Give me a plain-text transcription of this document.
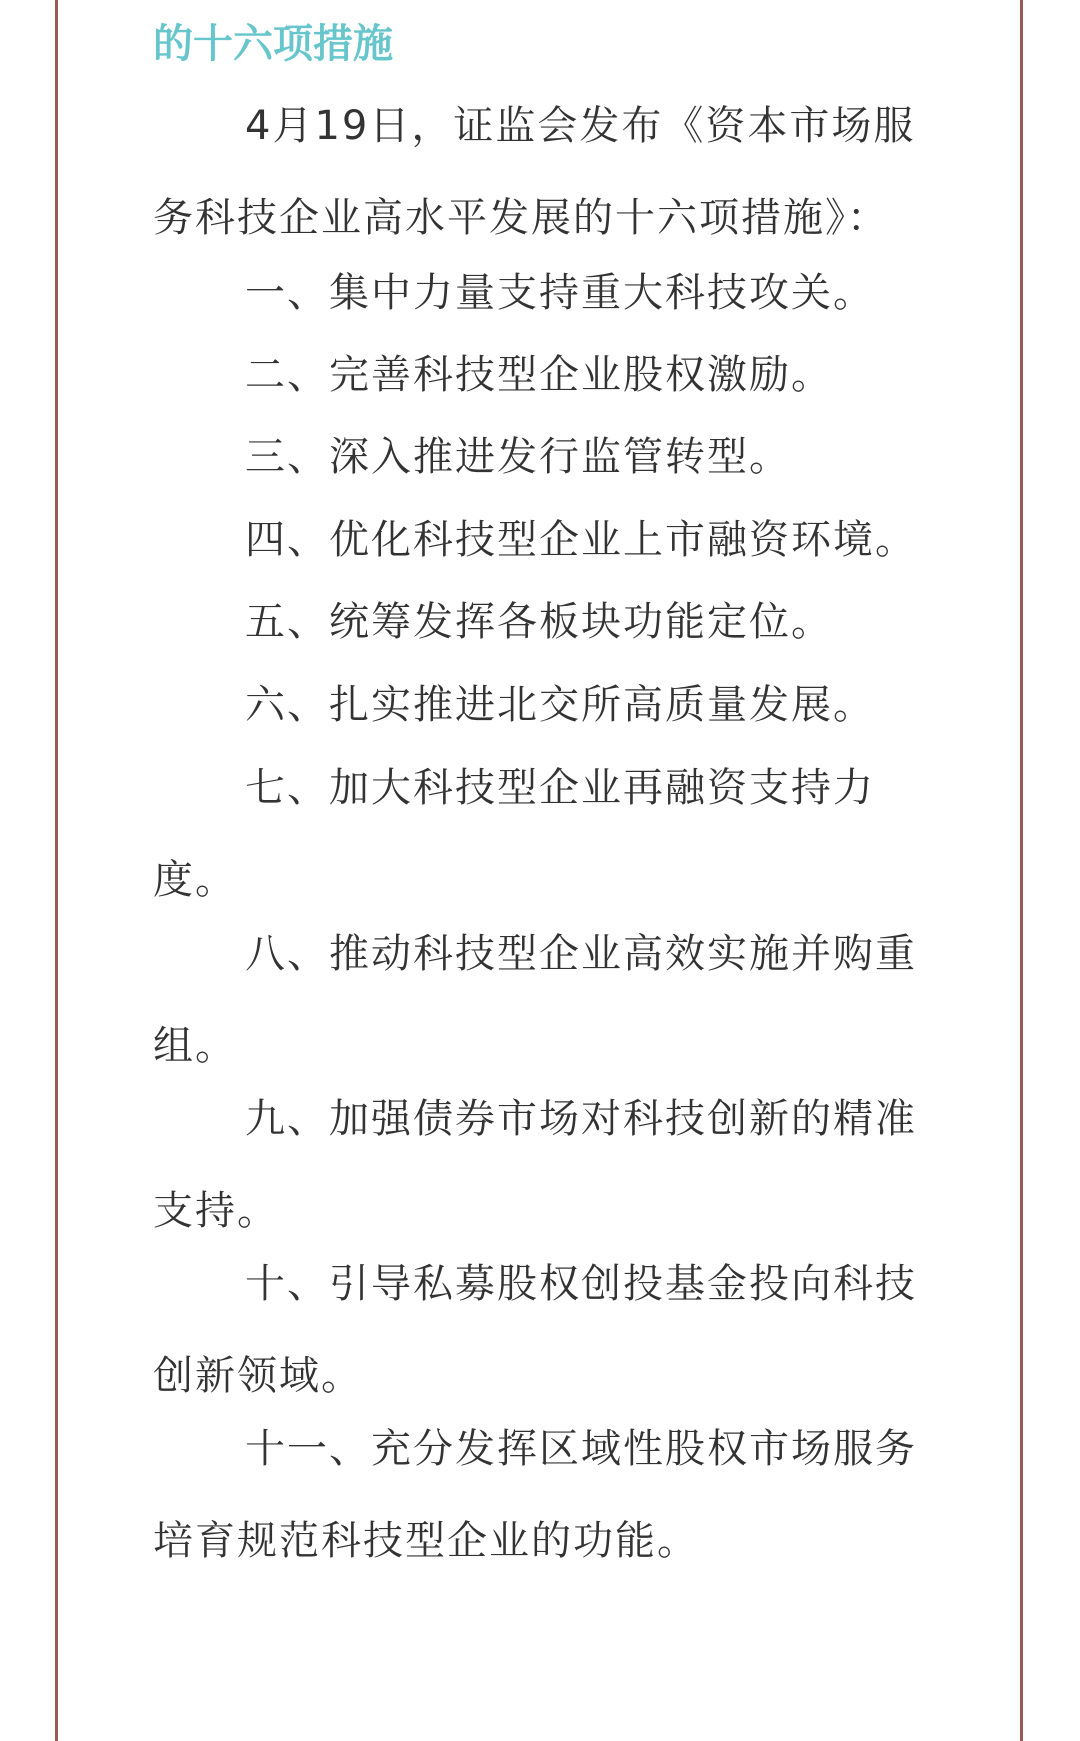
的十六项措施

4月19日，证监会发布《资本市场服务科技企业高水平发展的十六项措施》：

一、集中力量支持重大科技攻关。

二、完善科技型企业股权激励。

三、深入推进发行监管转型。

四、优化科技型企业上市融资环境。

五、统筹发挥各板块功能定位。

六、扎实推进北交所高质量发展。

七、加大科技型企业再融资支持力度。

八、推动科技型企业高效实施并购重组。

九、加强债券市场对科技创新的精准支持。

十、引导私募股权创投基金投向科技创新领域。

十一、充分发挥区域性股权市场服务培育规范科技型企业的功能。
